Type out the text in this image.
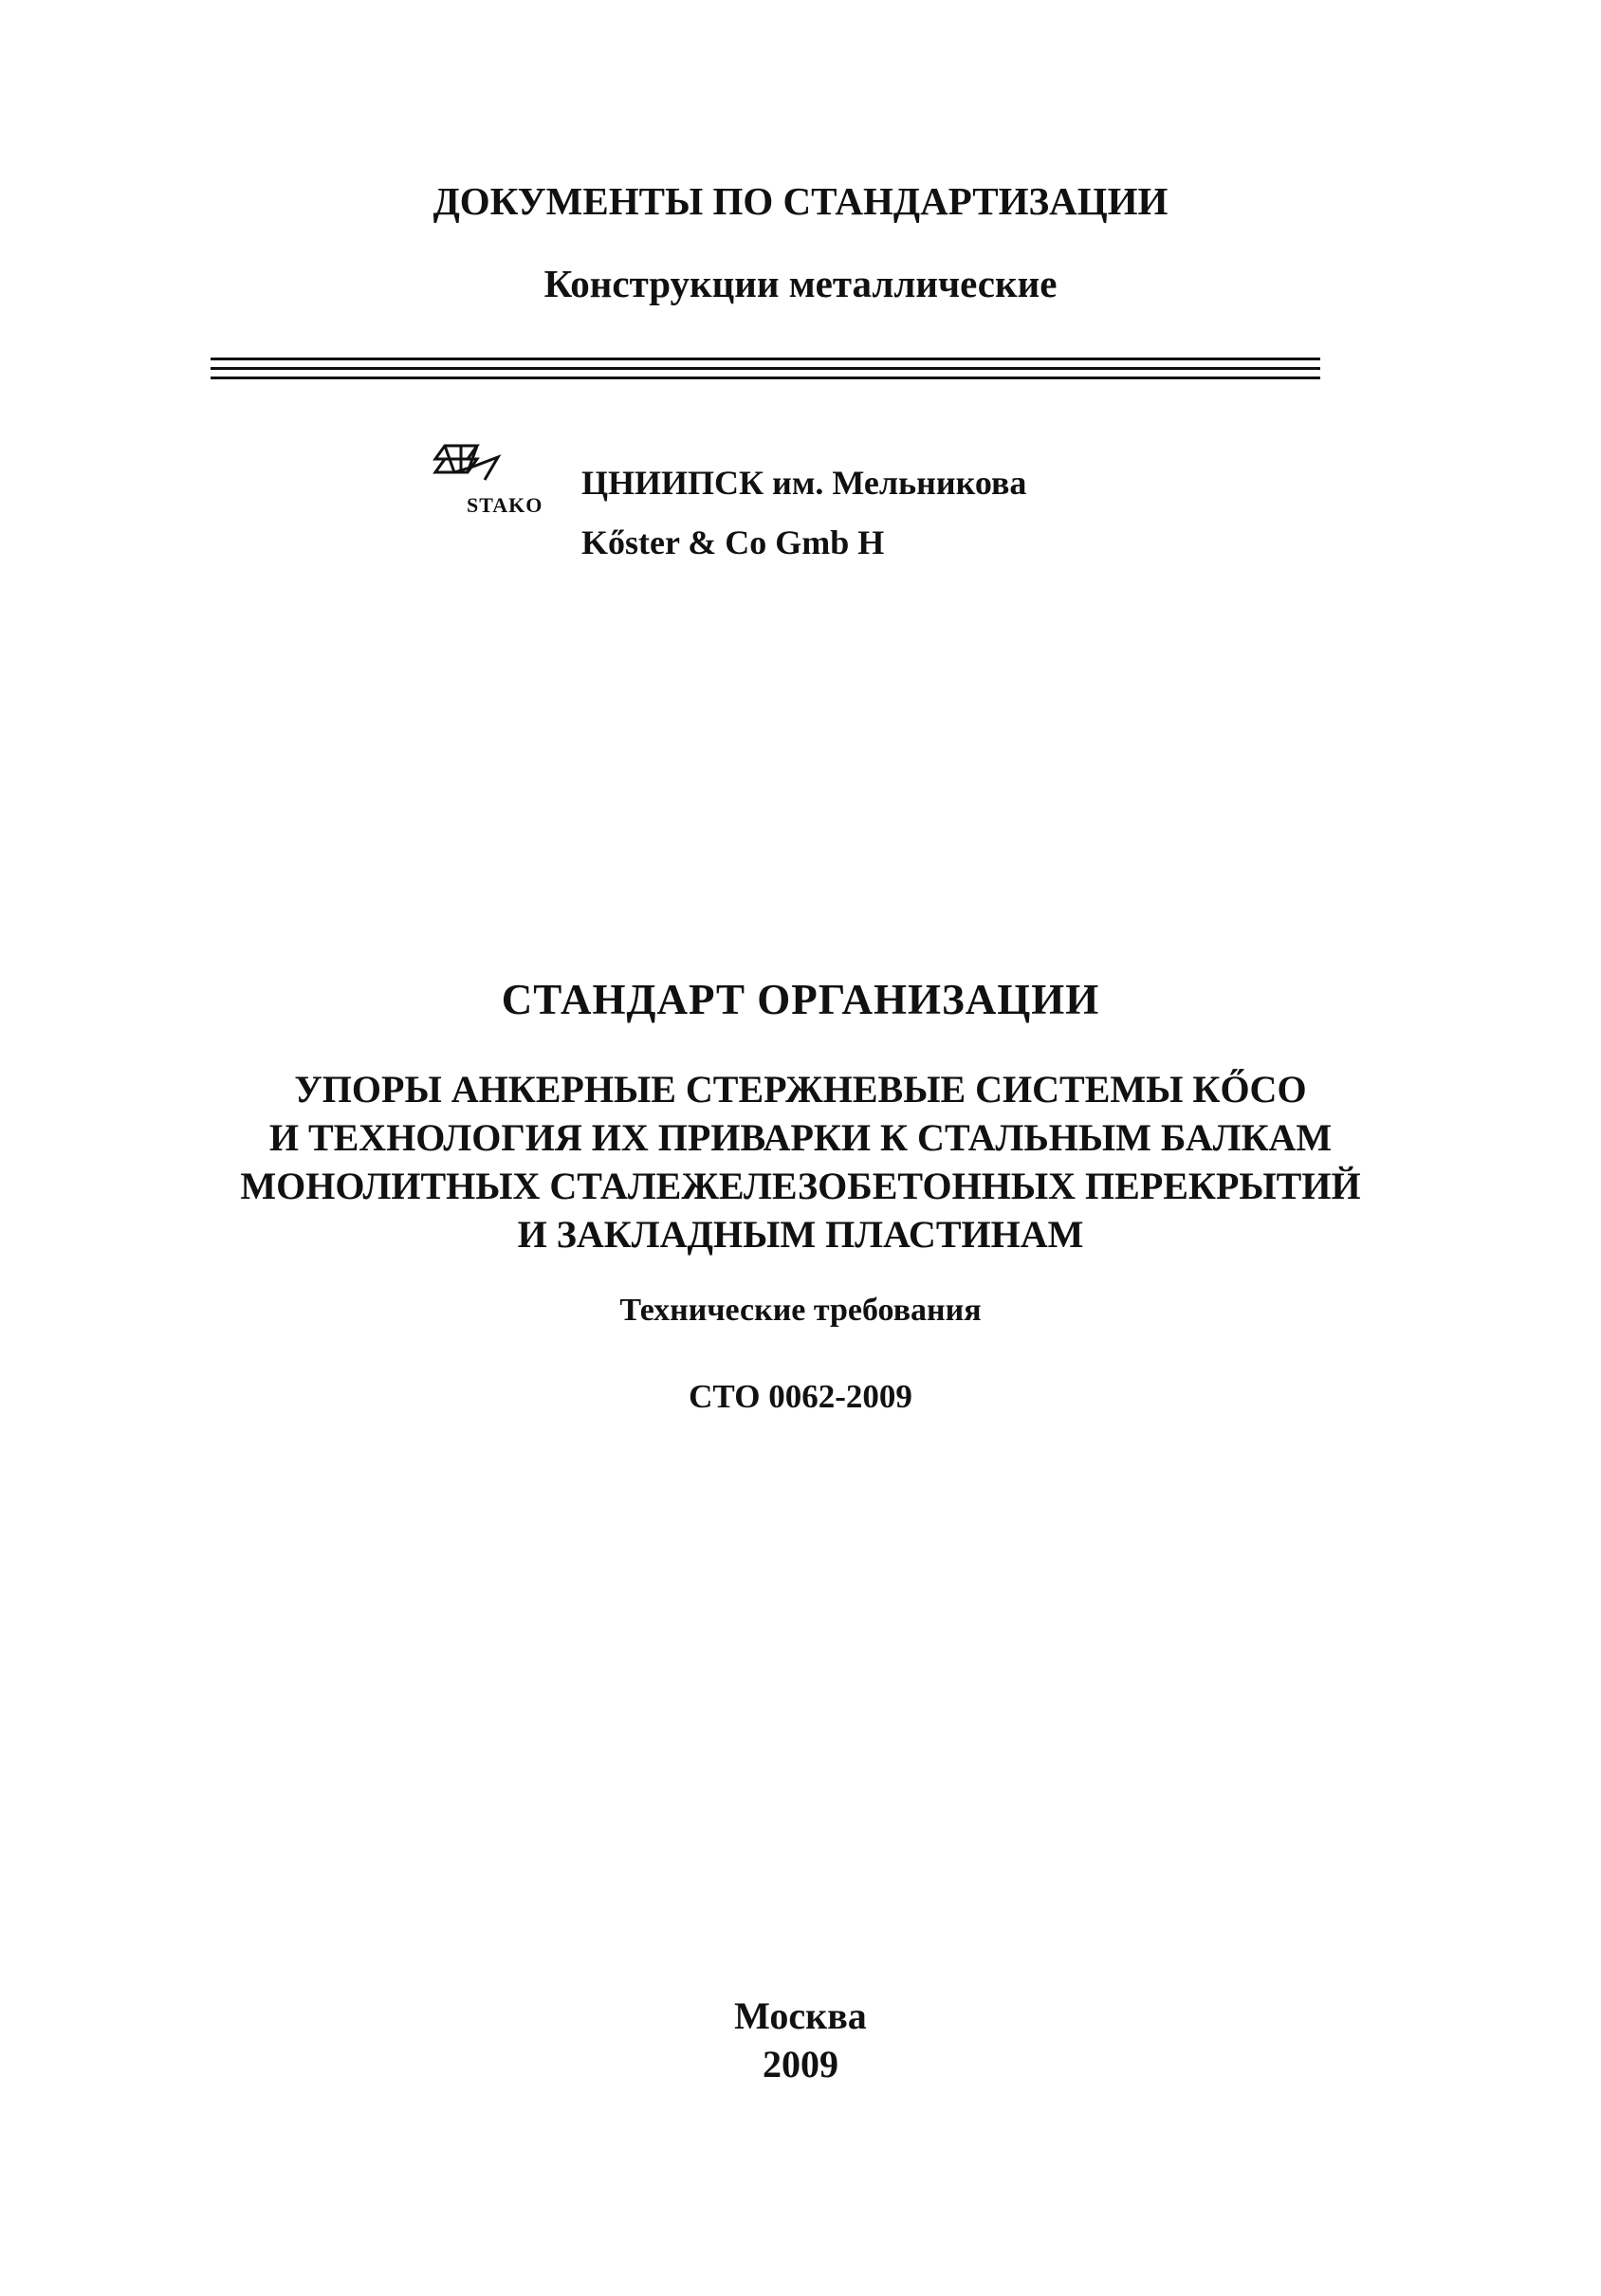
ДОКУМЕНТЫ ПО СТАНДАРТИЗАЦИИ
Конструкции металлические
STAKO
ЦНИИПСК им. Мельникова
Kőster & Co Gmb H
СТАНДАРТ ОРГАНИЗАЦИИ
УПОРЫ АНКЕРНЫЕ СТЕРЖНЕВЫЕ СИСТЕМЫ КŐСО
И ТЕХНОЛОГИЯ ИХ ПРИВАРКИ К СТАЛЬНЫМ БАЛКАМ
МОНОЛИТНЫХ СТАЛЕЖЕЛЕЗОБЕТОННЫХ ПЕРЕКРЫТИЙ
И ЗАКЛАДНЫМ ПЛАСТИНАМ
Технические требования
СТО 0062-2009
Москва
2009
